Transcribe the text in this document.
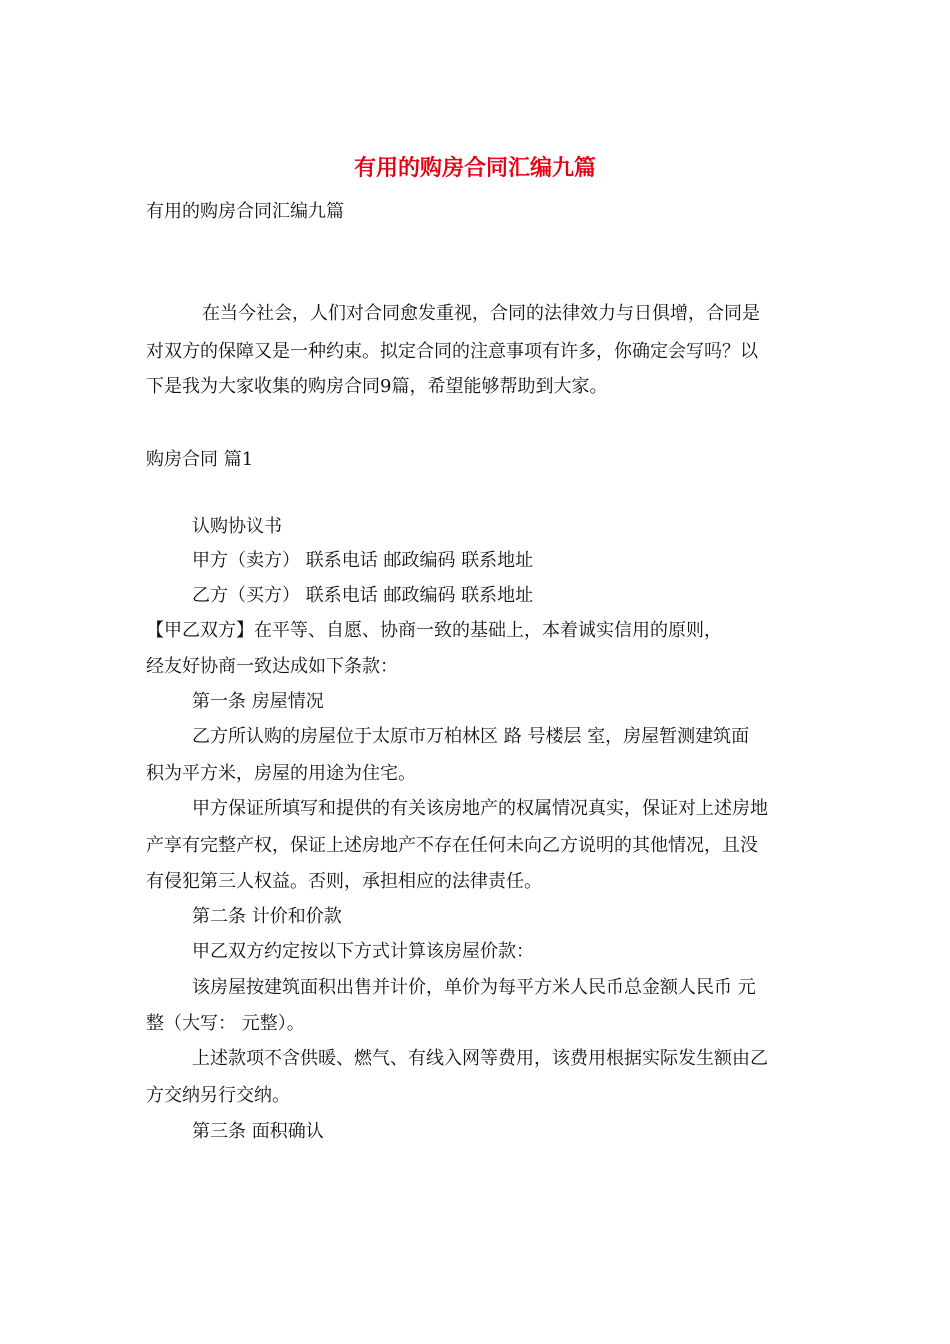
有用的购房合同汇编九篇
有用的购房合同汇编九篇
在当今社会，人们对合同愈发重视，合同的法律效力与日俱增，合同是
对双方的保障又是一种约束。拟定合同的注意事项有许多，你确定会写吗？以
下是我为大家收集的购房合同9篇，希望能够帮助到大家。
购房合同 篇1
认购协议书
甲方（卖方） 联系电话 邮政编码 联系地址
乙方（买方） 联系电话 邮政编码 联系地址
【甲乙双方】在平等、自愿、协商一致的基础上，本着诚实信用的原则，
经友好协商一致达成如下条款：
第一条 房屋情况
乙方所认购的房屋位于太原市万柏林区 路 号楼层 室，房屋暂测建筑面
积为平方米，房屋的用途为住宅。
甲方保证所填写和提供的有关该房地产的权属情况真实，保证对上述房地
产享有完整产权，保证上述房地产不存在任何未向乙方说明的其他情况，且没
有侵犯第三人权益。否则，承担相应的法律责任。
第二条 计价和价款
甲乙双方约定按以下方式计算该房屋价款：
该房屋按建筑面积出售并计价，单价为每平方米人民币总金额人民币 元
整（大写： 元整）。
上述款项不含供暖、燃气、有线入网等费用，该费用根据实际发生额由乙
方交纳另行交纳。
第三条 面积确认
